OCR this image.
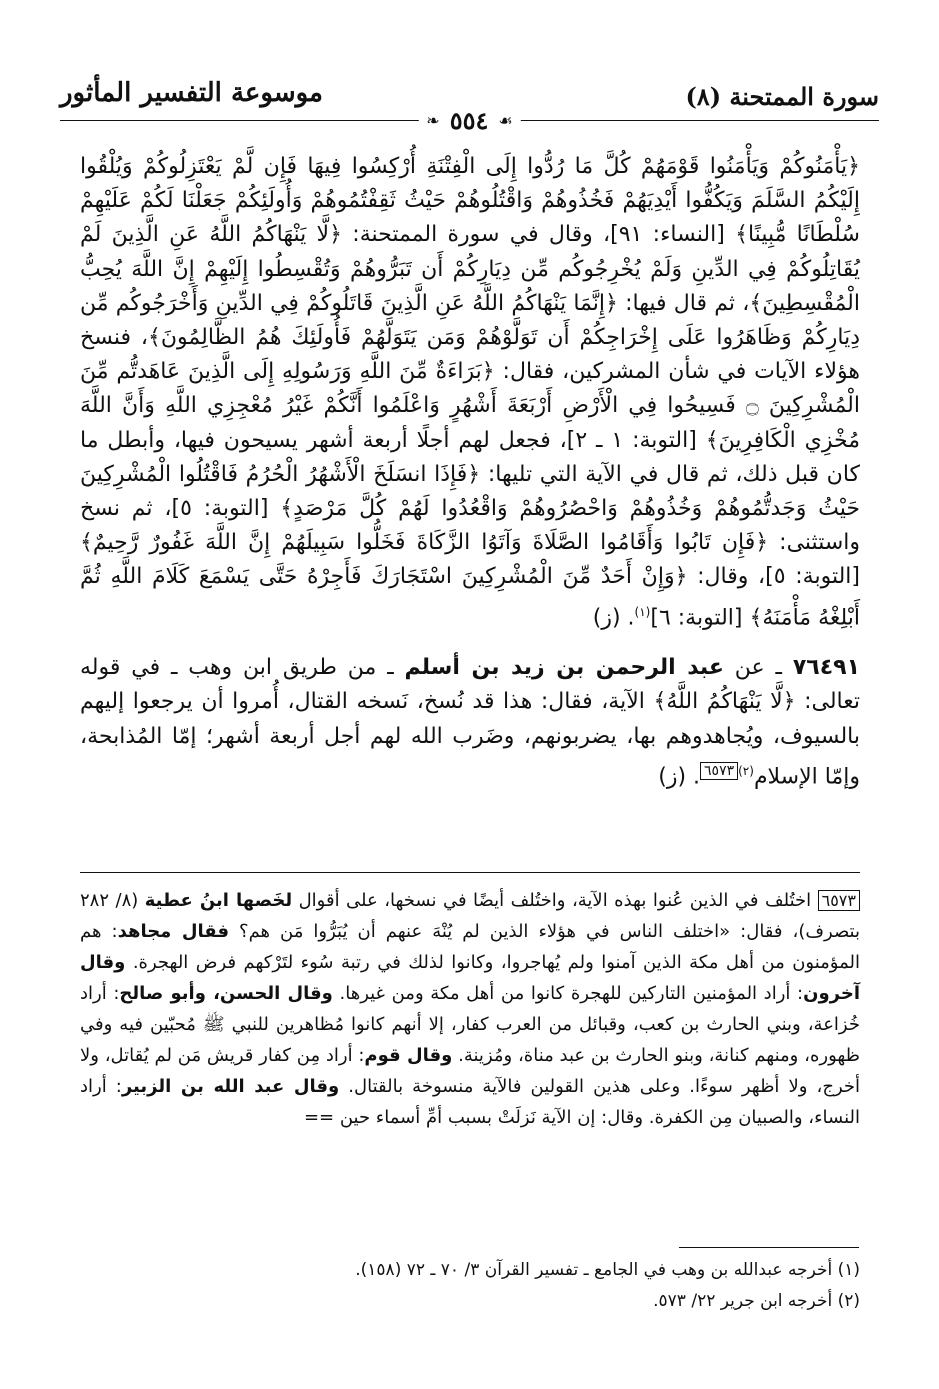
موسوعة التفسير المأثور
❧ ٥٥٤ ☙
سورة الممتحنة (٨)

﴿يَأْمَنُوكُمْ وَيَأْمَنُوا قَوْمَهُمْ كُلَّ مَا رُدُّوا إِلَى الْفِتْنَةِ أُرْكِسُوا فِيهَا فَإِن لَّمْ يَعْتَزِلُوكُمْ وَيُلْقُوا إِلَيْكُمُ السَّلَمَ وَيَكُفُّوا أَيْدِيَهُمْ فَخُذُوهُمْ وَاقْتُلُوهُمْ حَيْثُ ثَقِفْتُمُوهُمْ وَأُولَئِكُمْ جَعَلْنَا لَكُمْ عَلَيْهِمْ سُلْطَانًا مُّبِينًا﴾ [النساء: ٩١]، وقال في سورة الممتحنة: ﴿لَّا يَنْهَاكُمُ اللَّهُ عَنِ الَّذِينَ لَمْ يُقَاتِلُوكُمْ فِي الدِّينِ وَلَمْ يُخْرِجُوكُم مِّن دِيَارِكُمْ أَن تَبَرُّوهُمْ وَتُقْسِطُوا إِلَيْهِمْ إِنَّ اللَّهَ يُحِبُّ الْمُقْسِطِينَ﴾، ثم قال فيها: ﴿إِنَّمَا يَنْهَاكُمُ اللَّهُ عَنِ الَّذِينَ قَاتَلُوكُمْ فِي الدِّينِ وَأَخْرَجُوكُم مِّن دِيَارِكُمْ وَظَاهَرُوا عَلَى إِخْرَاجِكُمْ أَن تَوَلَّوْهُمْ وَمَن يَتَوَلَّهُمْ فَأُولَئِكَ هُمُ الظَّالِمُونَ﴾، فنسخ هؤلاء الآيات في شأن المشركين، فقال: ﴿بَرَاءَةٌ مِّنَ اللَّهِ وَرَسُولِهِ إِلَى الَّذِينَ عَاهَدتُّم مِّنَ الْمُشْرِكِينَ ۝ فَسِيحُوا فِي الْأَرْضِ أَرْبَعَةَ أَشْهُرٍ وَاعْلَمُوا أَنَّكُمْ غَيْرُ مُعْجِزِي اللَّهِ وَأَنَّ اللَّهَ مُخْزِي الْكَافِرِينَ﴾ [التوبة: ١ ـ ٢]، فجعل لهم أجلًا أربعة أشهر يسيحون فيها، وأبطل ما كان قبل ذلك، ثم قال في الآية التي تليها: ﴿فَإِذَا انسَلَخَ الْأَشْهُرُ الْحُرُمُ فَاقْتُلُوا الْمُشْرِكِينَ حَيْثُ وَجَدتُّمُوهُمْ وَخُذُوهُمْ وَاحْصُرُوهُمْ وَاقْعُدُوا لَهُمْ كُلَّ مَرْصَدٍ﴾ [التوبة: ٥]، ثم نسخ واستثنى: ﴿فَإِن تَابُوا وَأَقَامُوا الصَّلَاةَ وَآتَوُا الزَّكَاةَ فَخَلُّوا سَبِيلَهُمْ إِنَّ اللَّهَ غَفُورٌ رَّحِيمٌ﴾ [التوبة: ٥]، وقال: ﴿وَإِنْ أَحَدٌ مِّنَ الْمُشْرِكِينَ اسْتَجَارَكَ فَأَجِرْهُ حَتَّى يَسْمَعَ كَلَامَ اللَّهِ ثُمَّ أَبْلِغْهُ مَأْمَنَهُ﴾ [التوبة: ٦]$^{(١)}$. (ز)

٧٦٤٩١ ـ عن عبد الرحمن بن زيد بن أسلم ـ من طريق ابن وهب ـ في قوله تعالى: ﴿لَّا يَنْهَاكُمُ اللَّهُ﴾ الآية، فقال: هذا قد نُسخ، نَسخه القتال، أُمروا أن يرجعوا إليهم بالسيوف، ويُجاهدوهم بها، يضربونهم، وضَرب الله لهم أجل أربعة أشهر؛ إمّا المُذابحة، وإمّا الإسلام$^{(٢)٦٥٧٣}$. (ز)

٦٥٧٣ اختُلف في الذين عُنوا بهذه الآية، واختُلف أيضًا في نسخها، على أقوال لخَصها ابنُ عطية (٨/ ٢٨٢ بتصرف)، فقال: «اختلف الناس في هؤلاء الذين لم يُنْهَ عنهم أن يُبَرُّوا مَن هم؟ فقال مجاهد: هم المؤمنون من أهل مكة الذين آمنوا ولم يُهاجروا، وكانوا لذلك في رتبة سُوء لتَرْكهم فرض الهجرة. وقال آخرون: أراد المؤمنين التاركين للهجرة كانوا من أهل مكة ومن غيرها. وقال الحسن، وأبو صالح: أراد خُزاعة، وبني الحارث بن كعب، وقبائل من العرب كفار، إلا أنهم كانوا مُظاهرين للنبي ﷺ مُحبّين فيه وفي ظهوره، ومنهم كنانة، وبنو الحارث بن عبد مناة، ومُزينة. وقال قوم: أراد مِن كفار قريش مَن لم يُقاتل، ولا أخرج، ولا أظهر سوءًا. وعلى هذين القولين فالآية منسوخة بالقتال. وقال عبد الله بن الزبير: أراد النساء، والصبيان مِن الكفرة. وقال: إن الآية نَزلَتْ بسبب أمِّ أسماء حين ==

(١) أخرجه عبدالله بن وهب في الجامع ـ تفسير القرآن ٣/ ٧٠ ـ ٧٢ (١٥٨).

(٢) أخرجه ابن جرير ٢٢/ ٥٧٣.
